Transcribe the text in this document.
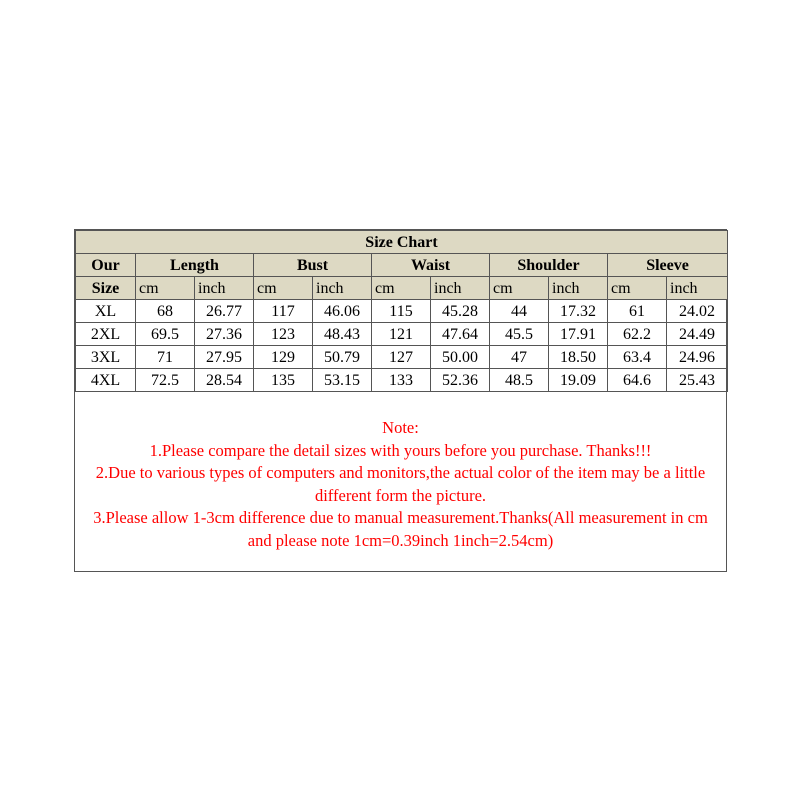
Size Chart										
Our	Length		Bust		Waist		Shoulder		Sleeve	
Size	cm	inch	cm	inch	cm	inch	cm	inch	cm	inch
XL	68	26.77	117	46.06	115	45.28	44	17.32	61	24.02
2XL	69.5	27.36	123	48.43	121	47.64	45.5	17.91	62.2	24.49
3XL	71	27.95	129	50.79	127	50.00	47	18.50	63.4	24.96
4XL	72.5	28.54	135	53.15	133	52.36	48.5	19.09	64.6	25.43
Note:
1.Please compare the detail sizes with yours before you purchase. Thanks!!!
2.Due to various types of computers and monitors,the actual color of the item may be a little different form the picture.
3.Please allow 1-3cm difference due to manual measurement.Thanks(All measurement in cm and please note 1cm=0.39inch 1inch=2.54cm)
